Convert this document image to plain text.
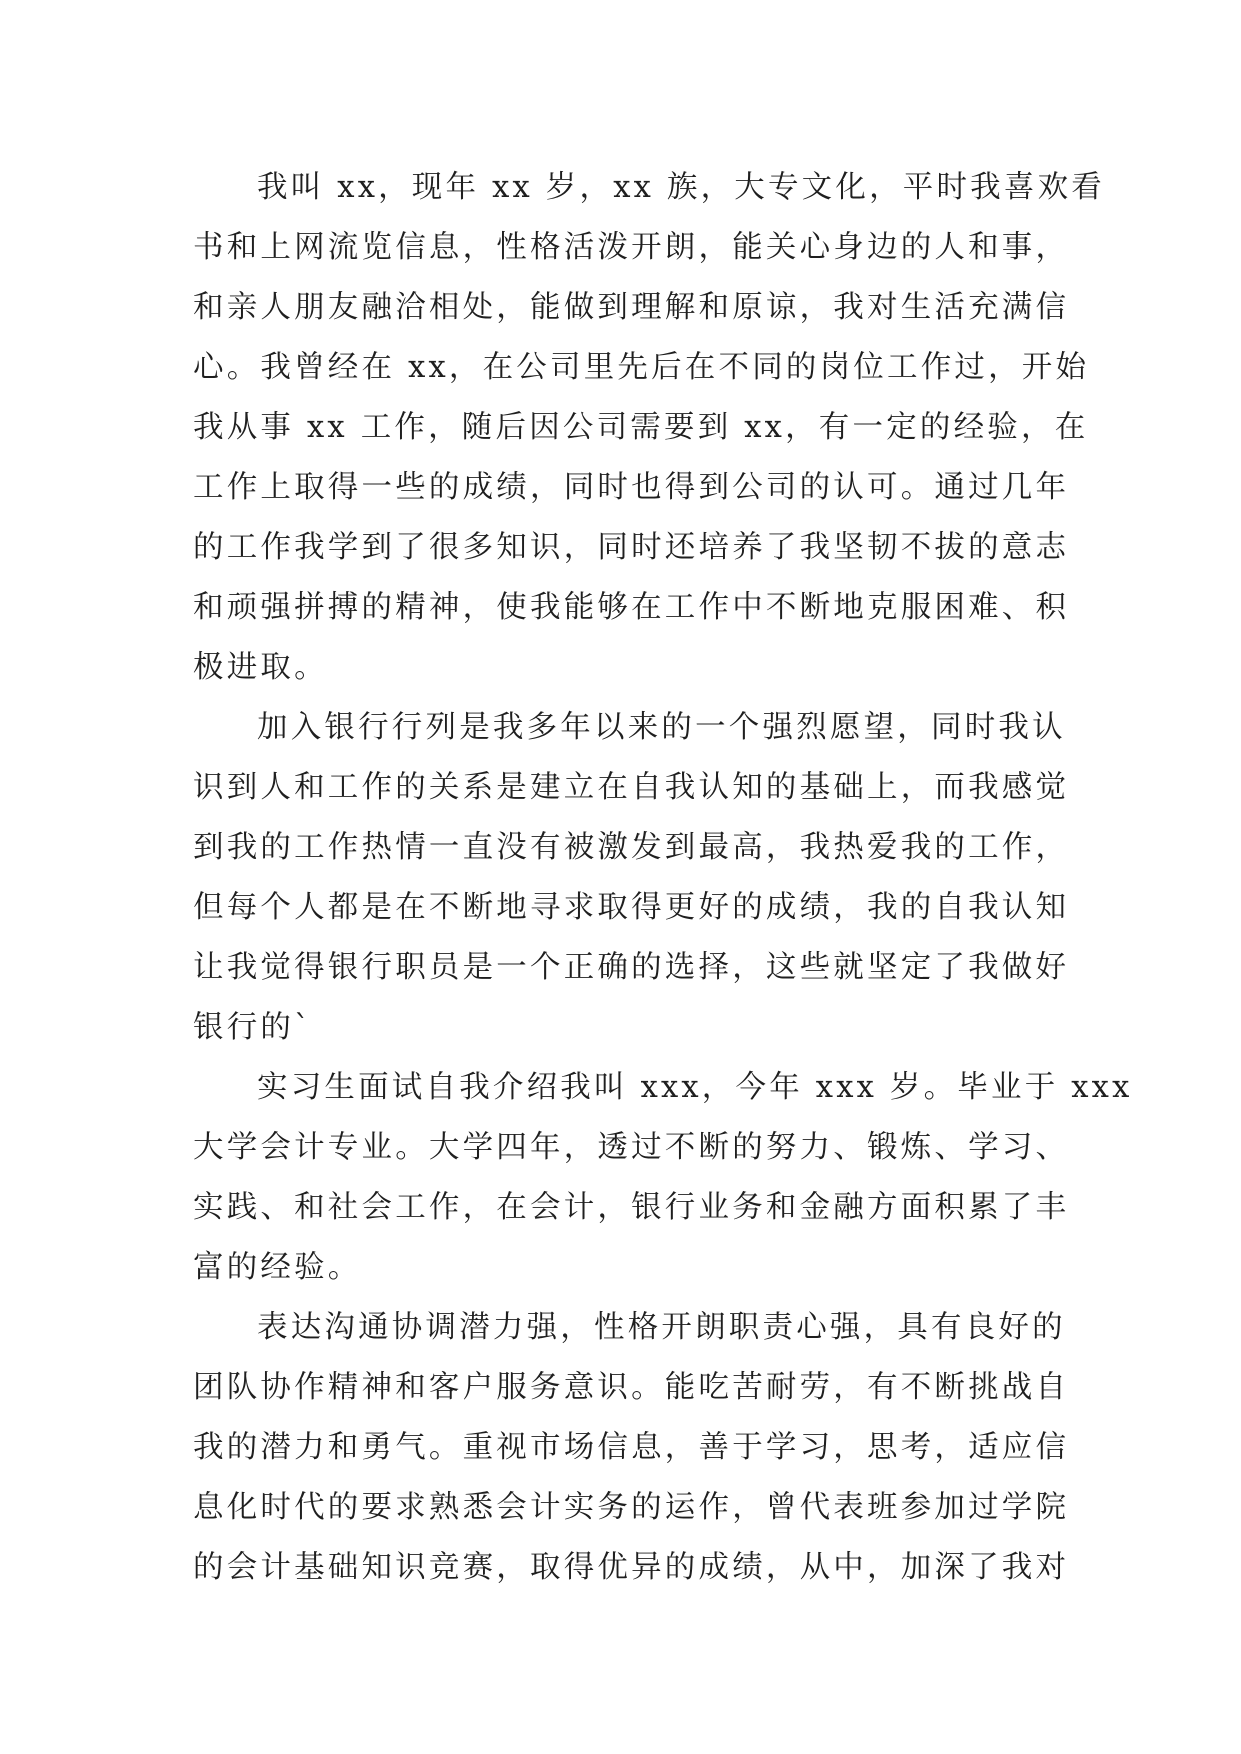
我叫 xx，现年 xx 岁，xx 族，大专文化，平时我喜欢看
书和上网流览信息，性格活泼开朗，能关心身边的人和事，
和亲人朋友融洽相处，能做到理解和原谅，我对生活充满信
心。我曾经在 xx，在公司里先后在不同的岗位工作过，开始
我从事 xx 工作，随后因公司需要到 xx，有一定的经验，在
工作上取得一些的成绩，同时也得到公司的认可。通过几年
的工作我学到了很多知识，同时还培养了我坚韧不拔的意志
和顽强拼搏的精神，使我能够在工作中不断地克服困难、积
极进取。
加入银行行列是我多年以来的一个强烈愿望，同时我认
识到人和工作的关系是建立在自我认知的基础上，而我感觉
到我的工作热情一直没有被激发到最高，我热爱我的工作，
但每个人都是在不断地寻求取得更好的成绩，我的自我认知
让我觉得银行职员是一个正确的选择，这些就坚定了我做好
银行的`
实习生面试自我介绍我叫 xxx，今年 xxx 岁。毕业于 xxx
大学会计专业。大学四年，透过不断的努力、锻炼、学习、
实践、和社会工作，在会计，银行业务和金融方面积累了丰
富的经验。
表达沟通协调潜力强，性格开朗职责心强，具有良好的
团队协作精神和客户服务意识。能吃苦耐劳，有不断挑战自
我的潜力和勇气。重视市场信息，善于学习，思考，适应信
息化时代的要求熟悉会计实务的运作，曾代表班参加过学院
的会计基础知识竞赛，取得优异的成绩，从中，加深了我对
